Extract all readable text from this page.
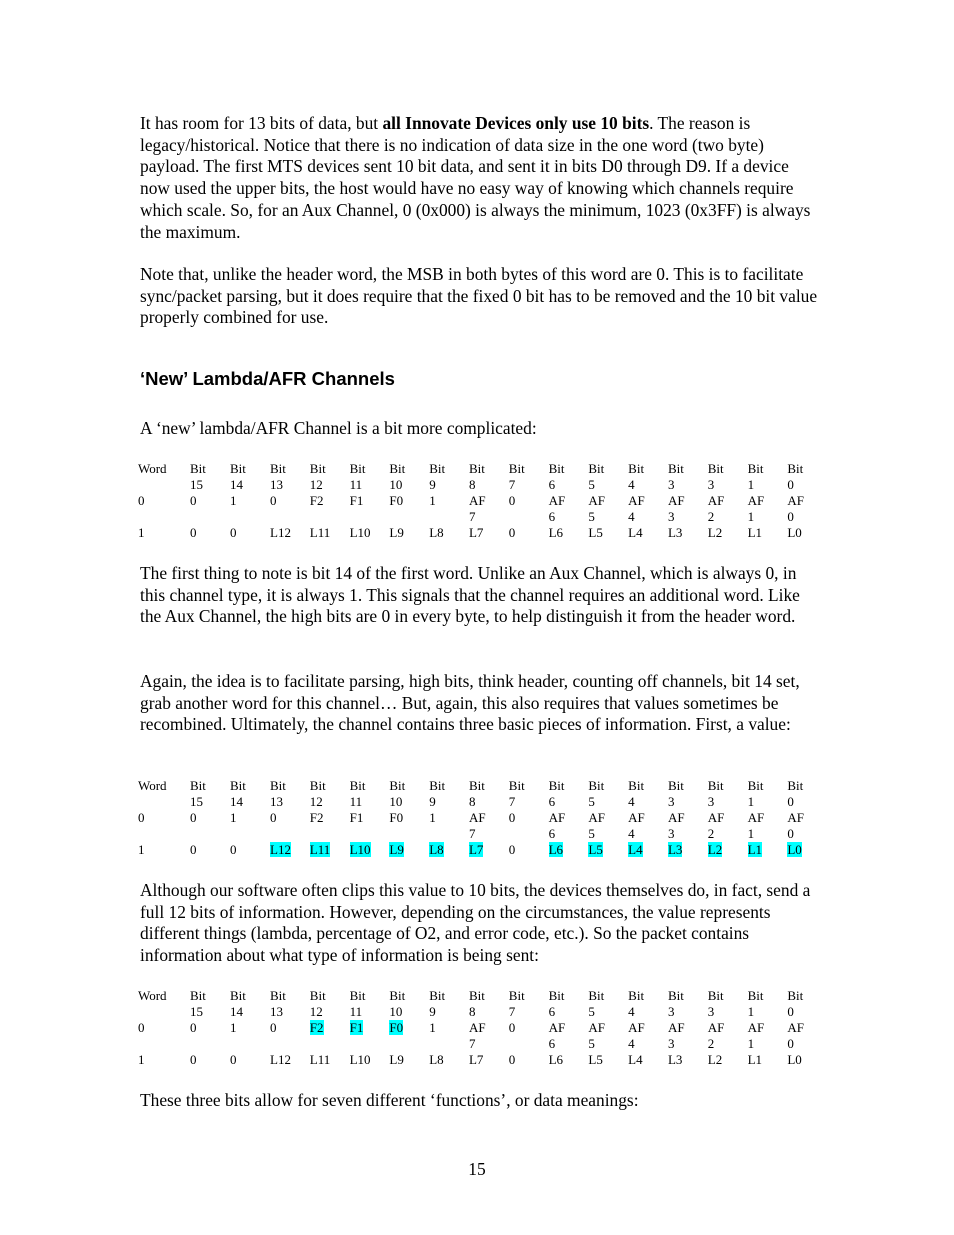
It has room for 13 bits of data, but all Innovate Devices only use 10 bits. The reason is legacy/historical. Notice that there is no indication of data size in the one word (two byte) payload. The first MTS devices sent 10 bit data, and sent it in bits D0 through D9. If a device now used the upper bits, the host would have no easy way of knowing which channels require which scale. So, for an Aux Channel, 0 (0x000) is always the minimum, 1023 (0x3FF) is always the maximum.

Note that, unlike the header word, the MSB in both bytes of this word are 0. This is to facilitate sync/packet parsing, but it does require that the fixed 0 bit has to be removed and the 10 bit value properly combined for use.

‘New’ Lambda/AFR Channels

A ‘new’ lambda/AFR Channel is a bit more complicated:

Word	Bit	Bit	Bit	Bit	Bit	Bit	Bit	Bit	Bit	Bit	Bit	Bit	Bit	Bit	Bit	Bit
	15	14	13	12	11	10	9	8	7	6	5	4	3	3	1	0
0	0	1	0	F2	F1	F0	1	AF	0	AF	AF	AF	AF	AF	AF	AF
								7		6	5	4	3	2	1	0
1	0	0	L12	L11	L10	L9	L8	L7	0	L6	L5	L4	L3	L2	L1	L0

The first thing to note is bit 14 of the first word. Unlike an Aux Channel, which is always 0, in this channel type, it is always 1. This signals that the channel requires an additional word. Like the Aux Channel, the high bits are 0 in every byte, to help distinguish it from the header word.

Again, the idea is to facilitate parsing, high bits, think header, counting off channels, bit 14 set, grab another word for this channel… But, again, this also requires that values sometimes be recombined. Ultimately, the channel contains three basic pieces of information. First, a value:

Word	Bit	Bit	Bit	Bit	Bit	Bit	Bit	Bit	Bit	Bit	Bit	Bit	Bit	Bit	Bit	Bit
	15	14	13	12	11	10	9	8	7	6	5	4	3	3	1	0
0	0	1	0	F2	F1	F0	1	AF	0	AF	AF	AF	AF	AF	AF	AF
								7		6	5	4	3	2	1	0
1	0	0	L12	L11	L10	L9	L8	L7	0	L6	L5	L4	L3	L2	L1	L0

Although our software often clips this value to 10 bits, the devices themselves do, in fact, send a full 12 bits of information. However, depending on the circumstances, the value represents different things (lambda, percentage of O2, and error code, etc.). So the packet contains information about what type of information is being sent:

Word	Bit	Bit	Bit	Bit	Bit	Bit	Bit	Bit	Bit	Bit	Bit	Bit	Bit	Bit	Bit	Bit
	15	14	13	12	11	10	9	8	7	6	5	4	3	3	1	0
0	0	1	0	F2	F1	F0	1	AF	0	AF	AF	AF	AF	AF	AF	AF
								7		6	5	4	3	2	1	0
1	0	0	L12	L11	L10	L9	L8	L7	0	L6	L5	L4	L3	L2	L1	L0

These three bits allow for seven different ‘functions’, or data meanings:

15
